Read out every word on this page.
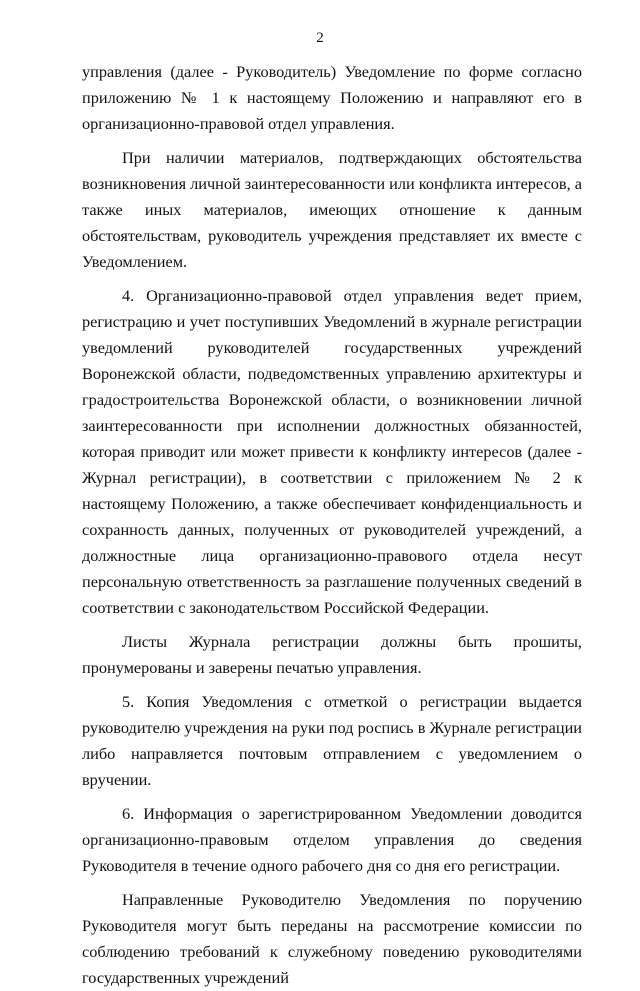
2

управления (далее - Руководитель) Уведомление по форме согласно приложению № 1 к настоящему Положению и направляют его в организационно-правовой отдел управления.

При наличии материалов, подтверждающих обстоятельства возникновения личной заинтересованности или конфликта интересов, а также иных материалов, имеющих отношение к данным обстоятельствам, руководитель учреждения представляет их вместе с Уведомлением.

4. Организационно-правовой отдел управления ведет прием, регистрацию и учет поступивших Уведомлений в журнале регистрации уведомлений руководителей государственных учреждений Воронежской области, подведомственных управлению архитектуры и градостроительства Воронежской области, о возникновении личной заинтересованности при исполнении должностных обязанностей, которая приводит или может привести к конфликту интересов (далее - Журнал регистрации), в соответствии с приложением № 2 к настоящему Положению, а также обеспечивает конфиденциальность и сохранность данных, полученных от руководителей учреждений, а должностные лица организационно-правового отдела несут персональную ответственность за разглашение полученных сведений в соответствии с законодательством Российской Федерации.

Листы Журнала регистрации должны быть прошиты, пронумерованы и заверены печатью управления.

5. Копия Уведомления с отметкой о регистрации выдается руководителю учреждения на руки под роспись в Журнале регистрации либо направляется почтовым отправлением с уведомлением о вручении.

6. Информация о зарегистрированном Уведомлении доводится организационно-правовым отделом управления до сведения Руководителя в течение одного рабочего дня со дня его регистрации.

Направленные Руководителю Уведомления по поручению Руководителя могут быть переданы на рассмотрение комиссии по соблюдению требований к служебному поведению руководителями государственных учреждений
